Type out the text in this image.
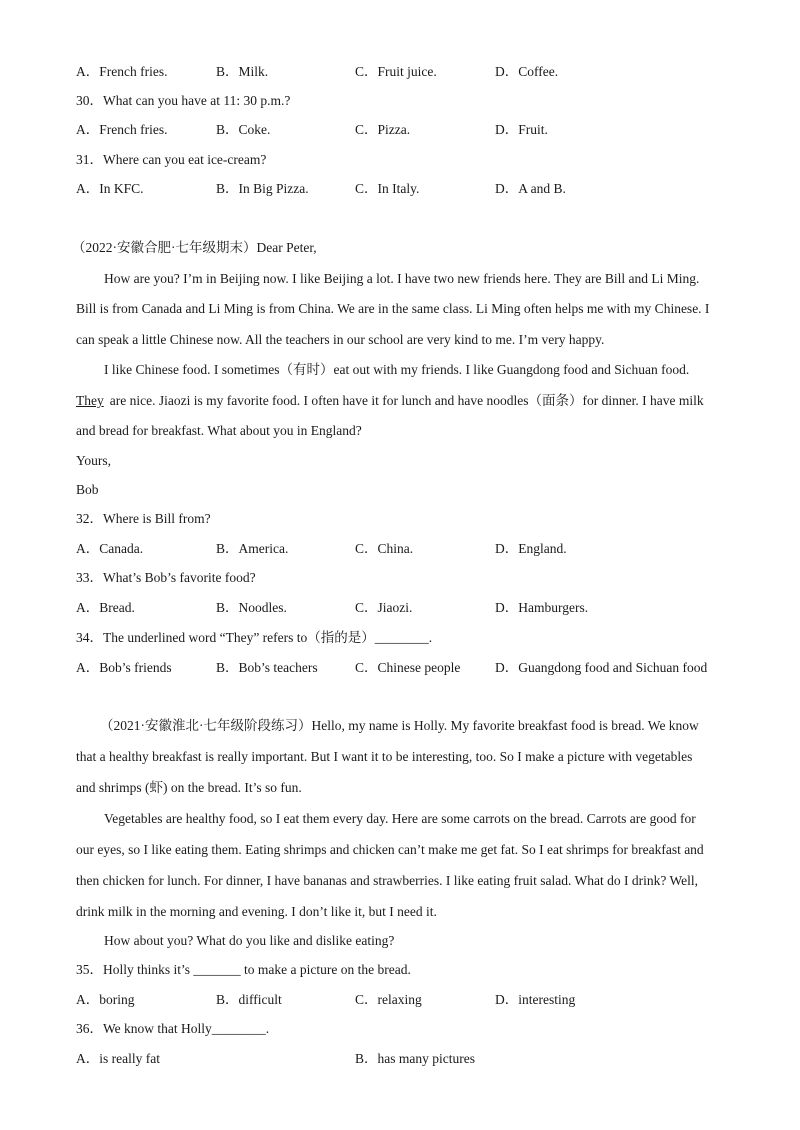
A．French fries.	B．Milk.	C．Fruit juice.	D．Coffee.
30．What can you have at 11: 30 p.m.?
A．French fries.	B．Coke.	C．Pizza.	D．Fruit.
31．Where can you eat ice-cream?
A．In KFC.	B．In Big Pizza.	C．In Italy.	D．A and B.
（2022·安徽合肥·七年级期末）Dear Peter,
How are you? I’m in Beijing now. I like Beijing a lot. I have two new friends here. They are Bill and Li Ming.
Bill is from Canada and Li Ming is from China. We are in the same class. Li Ming often helps me with my Chinese. I
can speak a little Chinese now. All the teachers in our school are very kind to me. I’m very happy.
I like Chinese food. I sometimes（有时）eat out with my friends. I like Guangdong food and Sichuan food.
They are nice. Jiaozi is my favorite food. I often have it for lunch and have noodles（面条）for dinner. I have milk
and bread for breakfast. What about you in England?
Yours,
Bob
32．Where is Bill from?
A．Canada.	B．America.	C．China.	D．England.
33．What’s Bob’s favorite food?
A．Bread.	B．Noodles.	C．Jiaozi.	D．Hamburgers.
34．The underlined word “They” refers to（指的是）________.
A．Bob’s friends	B．Bob’s teachers	C．Chinese people	D．Guangdong food and Sichuan food
（2021·安徽淮北·七年级阶段练习）Hello, my name is Holly. My favorite breakfast food is bread. We know
that a healthy breakfast is really important. But I want it to be interesting, too. So I make a picture with vegetables
and shrimps (虾) on the bread. It’s so fun.
Vegetables are healthy food, so I eat them every day. Here are some carrots on the bread. Carrots are good for
our eyes, so I like eating them. Eating shrimps and chicken can’t make me get fat. So I eat shrimps for breakfast and
then chicken for lunch. For dinner, I have bananas and strawberries. I like eating fruit salad. What do I drink? Well,
drink milk in the morning and evening. I don’t like it, but I need it.
How about you? What do you like and dislike eating?
35．Holly thinks it’s _______ to make a picture on the bread.
A．boring	B．difficult	C．relaxing	D．interesting
36．We know that Holly________.
A．is really fat	B．has many pictures
